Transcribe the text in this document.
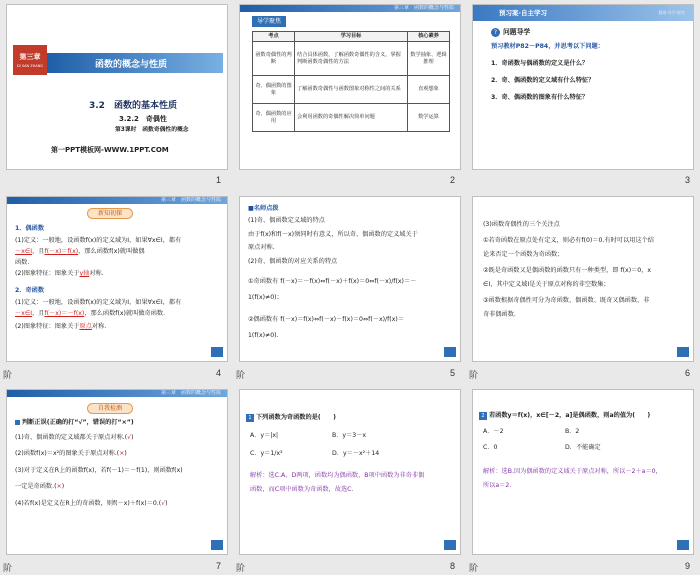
第三章
DI SAN ZHANG	函数的概念与性质
3.2　函数的基本性质
3.2.2　奇偶性
第3课时　函数奇偶性的概念
第一PPT模板网-WWW.1PPT.COM
1
第三章　函数的概念与性质
导学聚焦
考点	学习目标	核心素养
函数奇偶性的判断	结合具体函数，了解函数奇偶性的含义，掌握判断函数奇偶性的方法	数学抽象、逻辑推理
奇、偶函数的图象	了解函数奇偶性与函数图象对称性之间的关系	直观想象
奇、偶函数的应用	会利用函数的奇偶性解决简单问题	数学运算
2
预习案·自主学习	疑难·导学·探究
? 问题导学
预习教材P82－P84，并思考以下问题：
1．奇函数与偶函数的定义是什么？
2．奇、偶函数的定义域有什么特征？
3．奇、偶函数的图象有什么特征？
3
第三章　函数的概念与性质
新知初探
1．偶函数
(1)定义：一般地，设函数f(x)的定义域为I，如果∀x∈I，都有
－x∈I，且f(－x)＝f(x)，那么函数f(x)就叫做偶
函数.
(2)图象特征：图象关于y轴对称.
2．奇函数
(1)定义：一般地，设函数f(x)的定义域为I，如果∀x∈I，都有
－x∈I，且f(－x)＝－f(x)，那么函数f(x)就叫做奇函数.
(2)图象特征：图象关于原点对称.
4
■名师点拨
(1)奇、偶函数定义域的特点
由于f(x)和f(－x)须同时有意义，所以奇、偶函数的定义域关于
原点对称.
(2)奇、偶函数的对应关系的特点
①奇函数有 f(－x)＝－f(x)⇔f(－x)＋f(x)＝0⇔f(－x)/f(x)＝－
1(f(x)≠0)；
②偶函数有 f(－x)＝f(x)⇔f(－x)－f(x)＝0⇔f(－x)/f(x)＝
1(f(x)≠0).
5
(3)函数奇偶性的三个关注点
①若奇函数在原点处有定义，则必有f(0)＝0.有时可以用这个结
论来否定一个函数为奇函数；
②既是奇函数又是偶函数的函数只有一种类型，即 f(x)＝0，x
∈I，其中定义域I是关于原点对称的非空数集；
③函数根据奇偶性可分为奇函数、偶函数、既奇又偶函数、非
奇非偶函数.
6
第三章　函数的概念与性质
自我检测
判断正误(正确的打“√”，错误的打“×”)
(1)奇、偶函数的定义域都关于原点对称.(√)
(2)函数f(x)＝x²的图象关于原点对称.(×)
(3)对于定义在R上的函数f(x)，若f(－1)＝－f(1)，则函数f(x)
一定是奇函数.(×)
(4)若f(x)是定义在R上的奇函数，则f(－x)＋f(x)＝0.(√)
7
1 下列函数为奇函数的是(　　)
A．y＝|x|	B．y＝3－x
C．y＝1/x³	D．y＝－x²＋14
解析：选C.A、D两项，函数均为偶函数，B项中函数为非奇非偶
函数，而C项中函数为奇函数，故选C.
8
2 若函数y＝f(x)，x∈[－2，a]是偶函数，则a的值为(　　)
A．－2	B．2
C．0	D．不能确定
解析：选B.因为偶函数的定义域关于原点对称，所以－2＋a＝0，
所以a＝2.
9
阶	阶	阶
阶	阶	阶
